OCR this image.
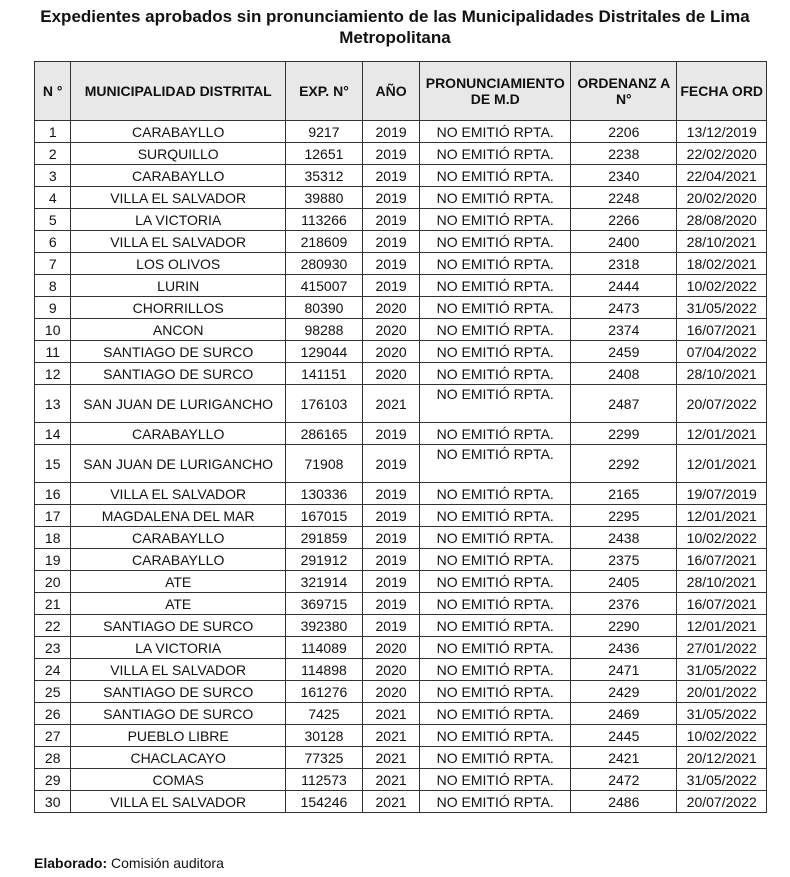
Expedientes aprobados sin pronunciamiento de las Municipalidades Distritales de Lima Metropolitana
N °	MUNICIPALIDAD DISTRITAL	EXP. N°	AÑO	PRONUNCIAMIENTO DE M.D	ORDENANZ A N°	FECHA ORD
1	CARABAYLLO	9217	2019	NO EMITIÓ RPTA.	2206	13/12/2019
2	SURQUILLO	12651	2019	NO EMITIÓ RPTA.	2238	22/02/2020
3	CARABAYLLO	35312	2019	NO EMITIÓ RPTA.	2340	22/04/2021
4	VILLA EL SALVADOR	39880	2019	NO EMITIÓ RPTA.	2248	20/02/2020
5	LA VICTORIA	113266	2019	NO EMITIÓ RPTA.	2266	28/08/2020
6	VILLA EL SALVADOR	218609	2019	NO EMITIÓ RPTA.	2400	28/10/2021
7	LOS OLIVOS	280930	2019	NO EMITIÓ RPTA.	2318	18/02/2021
8	LURIN	415007	2019	NO EMITIÓ RPTA.	2444	10/02/2022
9	CHORRILLOS	80390	2020	NO EMITIÓ RPTA.	2473	31/05/2022
10	ANCON	98288	2020	NO EMITIÓ RPTA.	2374	16/07/2021
11	SANTIAGO DE SURCO	129044	2020	NO EMITIÓ RPTA.	2459	07/04/2022
12	SANTIAGO DE SURCO	141151	2020	NO EMITIÓ RPTA.	2408	28/10/2021
13	SAN JUAN DE LURIGANCHO	176103	2021	NO EMITIÓ RPTA.	2487	20/07/2022
14	CARABAYLLO	286165	2019	NO EMITIÓ RPTA.	2299	12/01/2021
15	SAN JUAN DE LURIGANCHO	71908	2019	NO EMITIÓ RPTA.	2292	12/01/2021
16	VILLA EL SALVADOR	130336	2019	NO EMITIÓ RPTA.	2165	19/07/2019
17	MAGDALENA DEL MAR	167015	2019	NO EMITIÓ RPTA.	2295	12/01/2021
18	CARABAYLLO	291859	2019	NO EMITIÓ RPTA.	2438	10/02/2022
19	CARABAYLLO	291912	2019	NO EMITIÓ RPTA.	2375	16/07/2021
20	ATE	321914	2019	NO EMITIÓ RPTA.	2405	28/10/2021
21	ATE	369715	2019	NO EMITIÓ RPTA.	2376	16/07/2021
22	SANTIAGO DE SURCO	392380	2019	NO EMITIÓ RPTA.	2290	12/01/2021
23	LA VICTORIA	114089	2020	NO EMITIÓ RPTA.	2436	27/01/2022
24	VILLA EL SALVADOR	114898	2020	NO EMITIÓ RPTA.	2471	31/05/2022
25	SANTIAGO DE SURCO	161276	2020	NO EMITIÓ RPTA.	2429	20/01/2022
26	SANTIAGO DE SURCO	7425	2021	NO EMITIÓ RPTA.	2469	31/05/2022
27	PUEBLO LIBRE	30128	2021	NO EMITIÓ RPTA.	2445	10/02/2022
28	CHACLACAYO	77325	2021	NO EMITIÓ RPTA.	2421	20/12/2021
29	COMAS	112573	2021	NO EMITIÓ RPTA.	2472	31/05/2022
30	VILLA EL SALVADOR	154246	2021	NO EMITIÓ RPTA.	2486	20/07/2022
Elaborado: Comisión auditora
